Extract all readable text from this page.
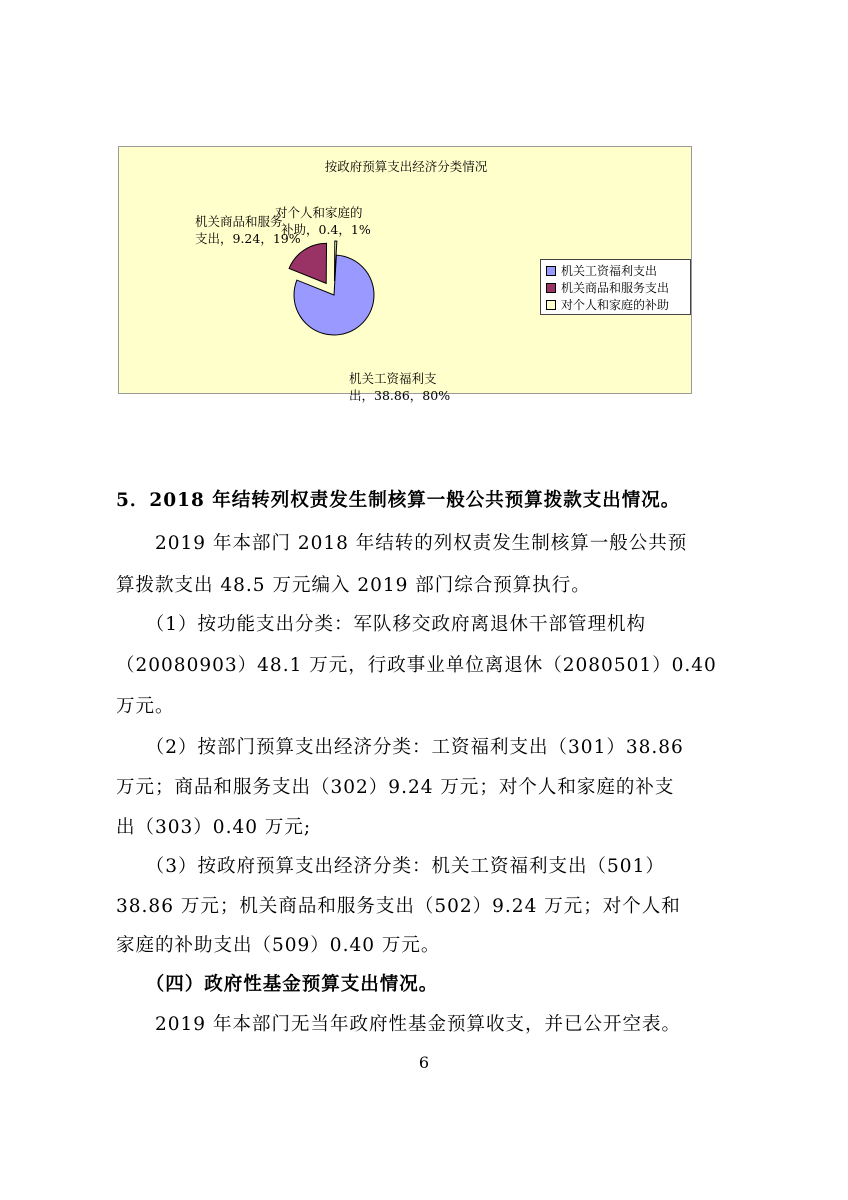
按政府预算支出经济分类情况
机关工资福利支
出，38.86，80%
机关商品和服务
支出，9.24，19%
对个人和家庭的
补助，0.4，1%
机关工资福利支出
机关商品和服务支出
对个人和家庭的补助
5．2018 年结转列权责发生制核算一般公共预算拨款支出情况。
　　2019 年本部门 2018 年结转的列权责发生制核算一般公共预
算拨款支出 48.5 万元编入 2019 部门综合预算执行。
　　（1）按功能支出分类：军队移交政府离退休干部管理机构
（20080903）48.1 万元，行政事业单位离退休（2080501）0.40
万元。
　　（2）按部门预算支出经济分类：工资福利支出（301）38.86
万元；商品和服务支出（302）9.24 万元；对个人和家庭的补支
出（303）0.40 万元;
　　（3）按政府预算支出经济分类：机关工资福利支出（501）
38.86 万元；机关商品和服务支出（502）9.24 万元；对个人和
家庭的补助支出（509）0.40 万元。
　　（四）政府性基金预算支出情况。
　　2019 年本部门无当年政府性基金预算收支，并已公开空表。
6
